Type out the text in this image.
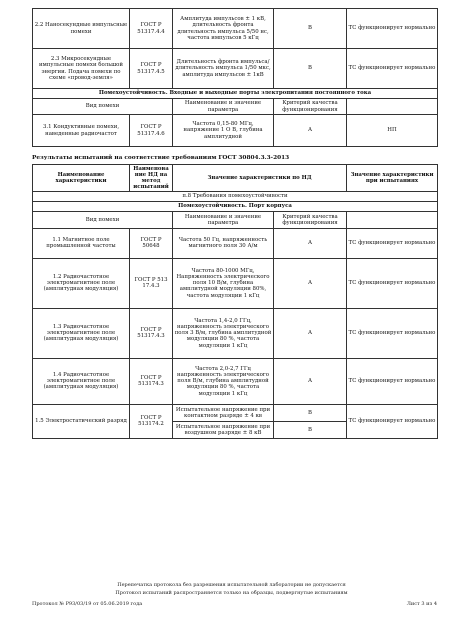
2.2 Наносекундные импульсные помехи	ГОСТ Р 51317.4.4	Амплитуда импульсов ± 1 кВ, длительность фронта длительность импульса 5/50 нс, частота импульсов 5 кГц	В	ТС функционирует нормально
2.3 Микросекундные импульсные помехи большой энергии. Подача помехи по схеме «провод-земля»	ГОСТ Р 51317.4.5	Длительность фронта импульса/длительность импульса 1/50 мкс, амплитуда импульсов ± 1кВ	В	ТС функционирует нормально
Помехоустойчивость. Входные и выходные порты электропитания постоянного тока				
Вид помехи		Наименование и значение параметра	Критерий качества функционирования	
3.1 Кондуктивные помехи, наведенные радиочастот	ГОСТ Р 51317.4.6	Частота 0,15-80 МГц, напряжение 1 О В, глубина амплитудной	А	НП
Результаты испытаний на соответствие требованиям ГОСТ 30804.3.3-2013
Наименование характеристики	Наименование НД на метод испытаний	Значение характеристики по НД		Значение характеристики при испытаниях
п.8 Требования помехоустойчивости				
Помехоустойчивость. Порт корпуса				
Вид помехи		Наименование и значение параметра	Критерий качества функционирования	
1.1 Магнитное поле промышленной частоты	ГОСТ Р 50648	Частота 50 Гц, напряженность магнитного поля 30 А/м	А	ТС функционирует нормально
1.2 Радиочастотное электромагнитное поле (амплитудная модуляция)	ГОСТ Р 513 17.4.3	Частота 80-1000 МГц, Напряженность электрического поля 10 В/м, глубина амплитудной модуляции 80%, частота модуляции 1 кГц	А	ТС функционирует нормально
1.3 Радиочастотное электромагнитное поле (амплитудная модуляция)	ГОСТ Р 51317.4.3	Частота 1,4-2,0 ГГц, напряженность электрического поля 3 В/м, глубина амплитудной модуляции 80 %, частота модуляции 1 кГц	А	ТС функционирует нормально
1.4 Радиочастотное электромагнитное поле (амплитудная модуляция)	ГОСТ Р 513174.3	Частота 2,0-2,7 ГГц напряженность электрического поля В/м, глубина амплитудной модуляции 80 %, частота модуляции 1 кГц	А	ТС функционирует нормально
1.5 Электростатический разряд	ГОСТ Р 513174.2	Испытательное напряжение при контактном разряде ± 4 кв	В	ТС функционирует нормально
		Испытательное напряжение при воздушном разряде ± 8 кВ	В	
Перепечатка протокола без разрешения испытательной лаборатории не допускается
Протокол испытаний распространяется только на образцы, подвергнутые испытаниям
Протокол № Р93/03/19 от 05.06.2019 года	Лист 3 из 4
